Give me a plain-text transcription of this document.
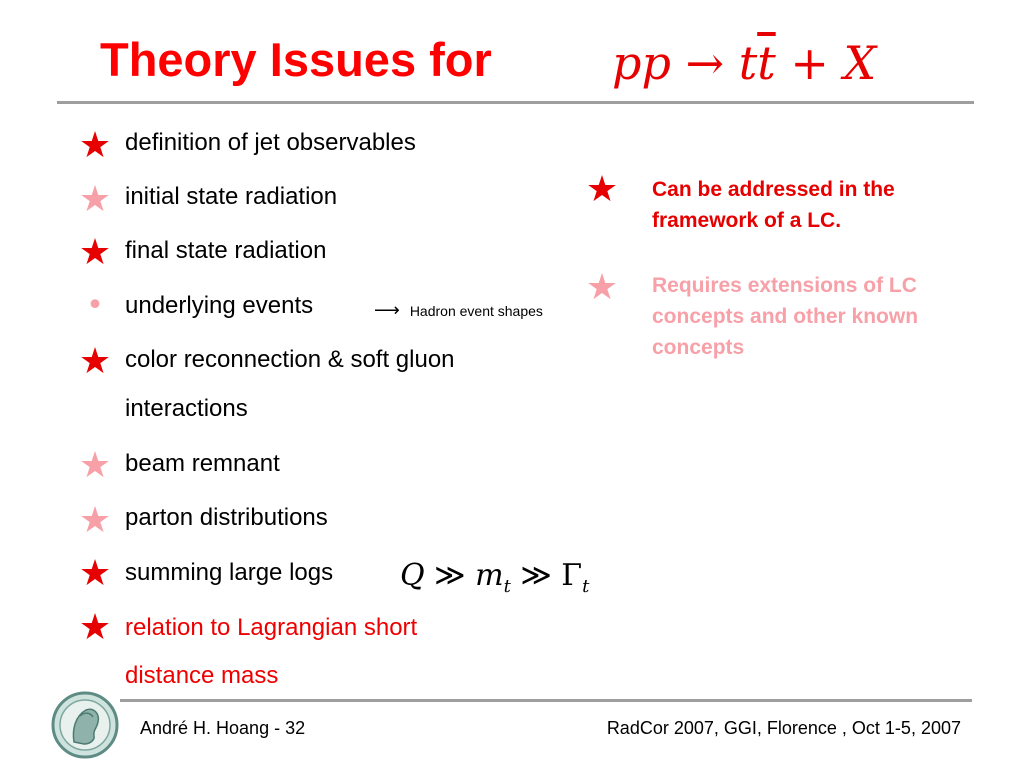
Theory Issues for	pp → $t\overline{t} + X$
★
★
★
•
★
★
★
★
★
definition of jet observables
initial state radiation
final state radiation
underlying events
color reconnection & soft gluon
interactions
beam remnant
parton distributions
summing large logs
relation to Lagrangian short
distance mass
⟶ Hadron event shapes
Q ≫ $m_t$ ≫ $\Gamma_t$
★ Can be addressed in the framework of a LC.
★ Requires extensions of LC concepts and other known concepts
André H. Hoang - 32	RadCor 2007, GGI, Florence , Oct 1-5, 2007
